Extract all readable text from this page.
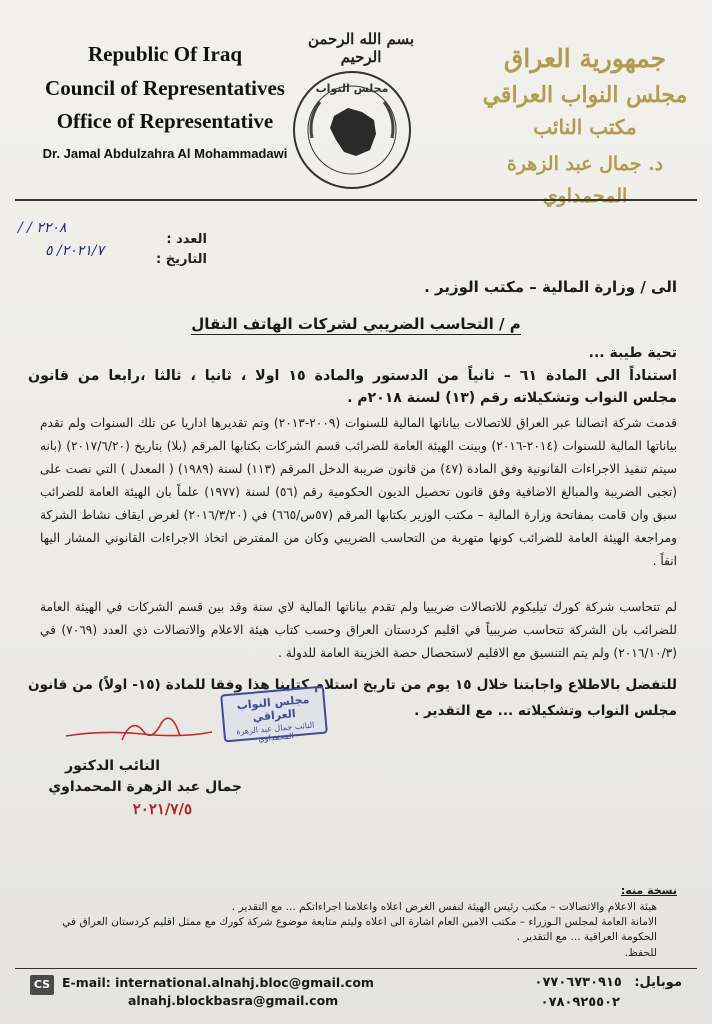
Republic Of Iraq
Council of Representatives
Office of Representative
Dr. Jamal Abdulzahra Al Mohammadawi
بسم الله الرحمن الرحيم
مجلس النواب
جمهورية العراق
مجلس النواب العراقي
مكتب النائب
د. جمال عبد الزهرة المحمداوي
العدد :
٢٢٠٨ / /
التاريخ :
٢٠٢١/٧/ ٥
الى / وزارة المالية – مكتب الوزير .
م / التحاسب الضريبي لشركات الهاتف النقال
تحية طيبة ...
استناداً الى المادة ٦١ – ثانياً من الدستور والمادة ١٥ اولا ، ثانيا ، ثالثا ،رابعا من قانون
مجلس النواب وتشكيلاته رقم (١٣) لسنة ٢٠١٨م .
قدمت شركة اتصالنا عبر العراق للاتصالات بياناتها المالية للسنوات (٢٠٠٩-٢٠١٣) وتم تقديرها اداريا عن تلك السنوات ولم تقدم بياناتها المالية للسنوات (٢٠١٤-٢٠١٦) وبينت الهيئة العامة للضرائب قسم الشركات بكتابها المرقم (بلا) بتاريخ (٢٠١٧/٦/٢٠) (بانه سيتم تنفيذ الاجراءات القانونية وفق المادة (٤٧) من قانون ضريبة الدخل المرقم (١١٣) لسنة (١٩٨٩) ( المعدل ) التي نصت على (تجبى الضريبة والمبالغ الاضافية وفق قانون تحصيل الديون الحكومية رقم (٥٦) لسنة (١٩٧٧) علماً بان الهيئة العامة للضرائب سبق وان قامت بمفاتحة وزارة المالية – مكتب الوزير بكتابها المرقم (٥٧س/٦٦٥) في (٢٠١٦/٣/٢٠) لغرض ايقاف نشاط الشركة ومراجعة الهيئة العامة للضرائب كونها متهربة من التحاسب الضريبي وكان من المفترض اتخاذ الاجراءات القانوني المشار اليها انفاً .
لم تتحاسب شركة كورك تيليكوم للاتصالات ضريبيا ولم تقدم بياناتها المالية لاي سنة وقد بين قسم الشركات في الهيئة العامة للضرائب بان الشركة تتحاسب ضريبياً في اقليم كردستان العراق وحسب كتاب هيئة الاعلام والاتصالات ذي العدد (٧٠٦٩) في (٢٠١٦/١٠/٣) ولم يتم التنسيق مع الاقليم لاستحصال حصة الخزينة العامة للدولة .
للتفضل بالاطلاع واجابتنا خلال ١٥ يوم من تاريخ استلام كتابنا هذا وفقا للمادة (١٥- اولاً) من قانون
مجلس النواب وتشكيلاته ... مع التقدير .
مجلس النواب العراقي
النائب جمال عبد الزهرة المحمداوي
النائب الدكتور
جمال عبد الزهرة المحمداوي
٢٠٢١/٧/٥
نسخة منه:
هيئة الاعلام والاتصالات – مكتب رئيس الهيئة لنفس الغرض اعلاه واعلامنا اجراءاتكم ... مع التقدير .
الامانة العامة لمجلس الـوزراء – مكتب الامين العام اشارة الى اعلاه وليتم متابعة موضوع شركة كورك مع ممثل اقليم كردستان العراق في الحكومة العراقية ... مع التقدير .
للحفظ.
CS E-mail: international.alnahj.bloc@gmail.com
alnahj.blockbasra@gmail.com
موبايل: ٠٧٧٠٦٧٣٠٩١٥
٠٧٨٠٩٢٥٥٠٢
